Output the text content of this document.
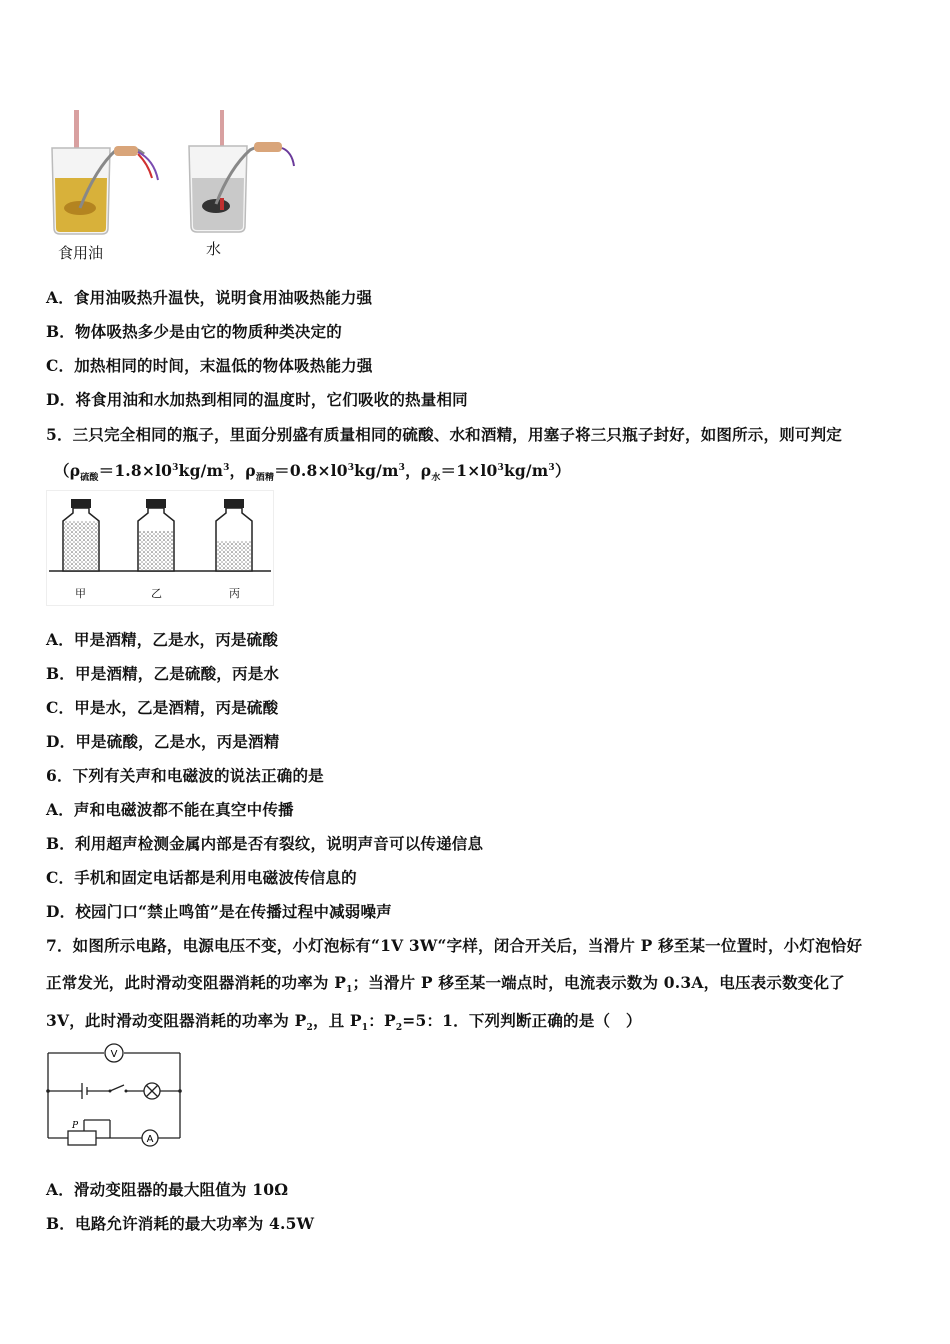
食用油	水
A．食用油吸热升温快，说明食用油吸热能力强
B．物体吸热多少是由它的物质种类决定的
C．加热相同的时间，末温低的物体吸热能力强
D．将食用油和水加热到相同的温度时，它们吸收的热量相同
5．三只完全相同的瓶子，里面分别盛有质量相同的硫酸、水和酒精，用塞子将三只瓶子封好，如图所示，则可判定
（$\rho_{硫酸}=1.8\times l0^3kg/m^3$，$\rho_{酒精}=0.8\times l0^3kg/m^3$，$\rho_水=1\times l0^3kg/m^3$）
甲	乙	丙
A．甲是酒精，乙是水，丙是硫酸
B．甲是酒精，乙是硫酸，丙是水
C．甲是水，乙是酒精，丙是硫酸
D．甲是硫酸，乙是水，丙是酒精
6．下列有关声和电磁波的说法正确的是
A．声和电磁波都不能在真空中传播
B．利用超声检测金属内部是否有裂纹，说明声音可以传递信息
C．手机和固定电话都是利用电磁波传信息的
D．校园门口“禁止鸣笛”是在传播过程中减弱噪声
7．如图所示电路，电源电压不变，小灯泡标有“1V 3W“字样，闭合开关后，当滑片 P 移至某一位置时，小灯泡恰好
正常发光，此时滑动变阻器消耗的功率为 $P_1$；当滑片 P 移至某一端点时，电流表示数为 0.3A，电压表示数变化了
3V，此时滑动变阻器消耗的功率为 $P_2$，且 $P_1$：$P_2=5$：1．下列判断正确的是（　）
V
A
P
A．滑动变阻器的最大阻值为 10Ω
B．电路允许消耗的最大功率为 4.5W
